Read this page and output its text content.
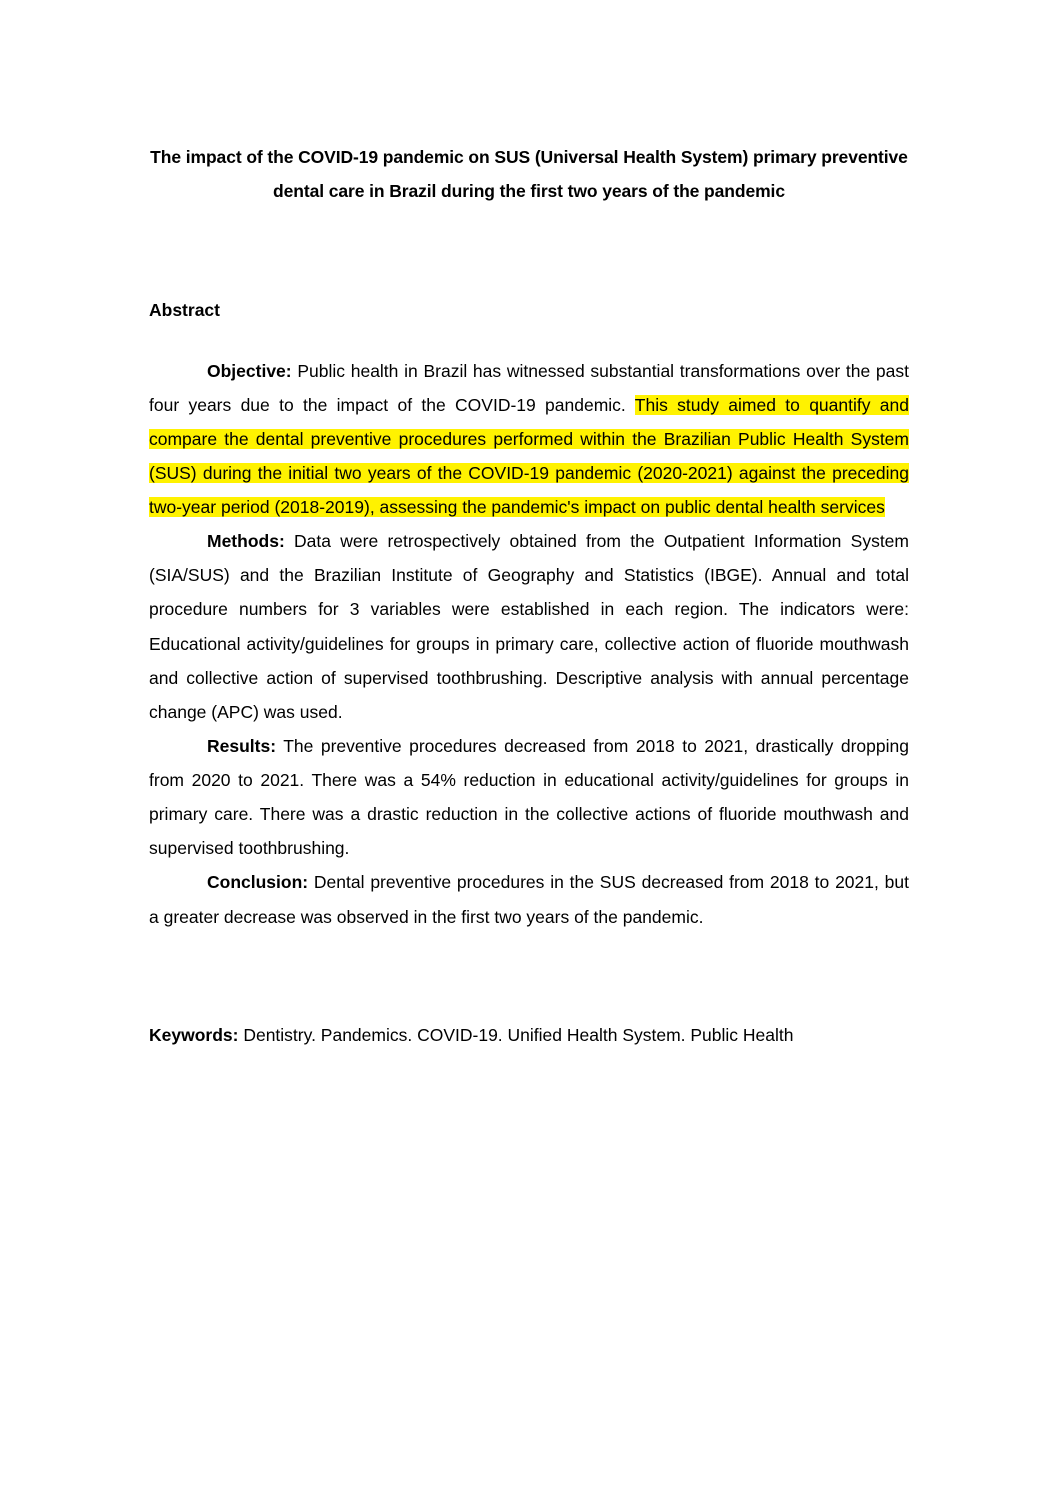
The impact of the COVID-19 pandemic on SUS (Universal Health System) primary preventive dental care in Brazil during the first two years of the pandemic
Abstract

Objective: Public health in Brazil has witnessed substantial transformations over the past four years due to the impact of the COVID-19 pandemic. This study aimed to quantify and compare the dental preventive procedures performed within the Brazilian Public Health System (SUS) during the initial two years of the COVID-19 pandemic (2020-2021) against the preceding two-year period (2018-2019), assessing the pandemic's impact on public dental health services

Methods: Data were retrospectively obtained from the Outpatient Information System (SIA/SUS) and the Brazilian Institute of Geography and Statistics (IBGE). Annual and total procedure numbers for 3 variables were established in each region. The indicators were: Educational activity/guidelines for groups in primary care, collective action of fluoride mouthwash and collective action of supervised toothbrushing. Descriptive analysis with annual percentage change (APC) was used.

Results: The preventive procedures decreased from 2018 to 2021, drastically dropping from 2020 to 2021. There was a 54% reduction in educational activity/guidelines for groups in primary care. There was a drastic reduction in the collective actions of fluoride mouthwash and supervised toothbrushing.

Conclusion: Dental preventive procedures in the SUS decreased from 2018 to 2021, but a greater decrease was observed in the first two years of the pandemic.

Keywords: Dentistry. Pandemics. COVID-19. Unified Health System. Public Health
